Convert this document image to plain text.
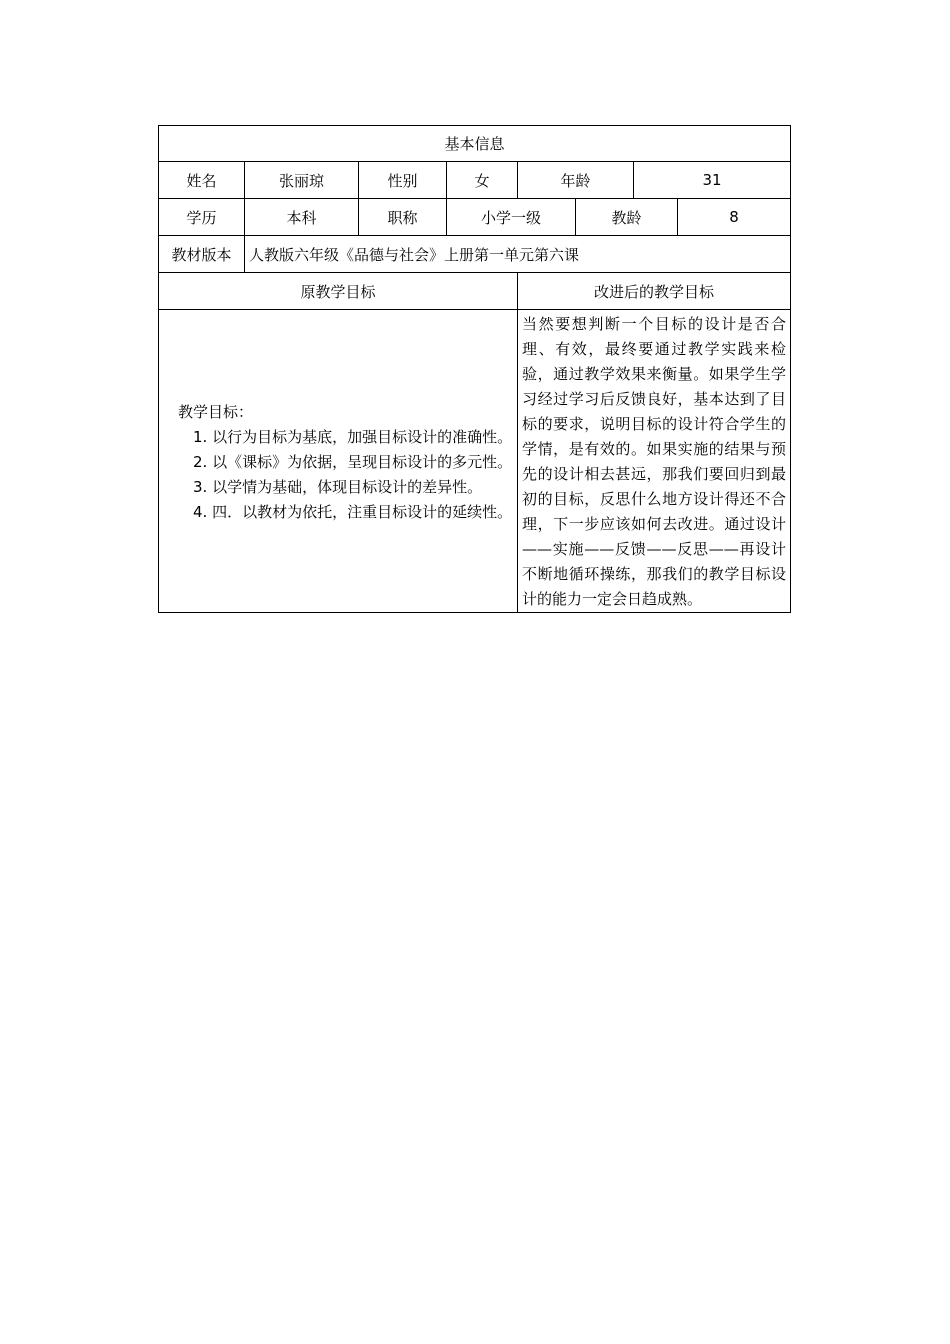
基本信息							
姓名	张丽琼	性别	女	年龄		31	
学历	本科	职称	小学一级		教龄		8
教材版本	人教版六年级《品德与社会》上册第一单元第六课						
原教学目标				改进后的教学目标			

教学目标：

1. 以行为目标为基底，加强目标设计的准确性。

2. 以《课标》为依据，呈现目标设计的多元性。

3. 以学情为基础，体现目标设计的差异性。

4. 四．以教材为依托，注重目标设计的延续性。				当然要想判断一个目标的设计是否合理、有效，最终要通过教学实践来检验，通过教学效果来衡量。如果学生学习经过学习后反馈良好，基本达到了目标的要求，说明目标的设计符合学生的学情，是有效的。如果实施的结果与预先的设计相去甚远，那我们要回归到最初的目标，反思什么地方设计得还不合理，下一步应该如何去改进。通过设计——实施——反馈——反思——再设计不断地循环操练，那我们的教学目标设计的能力一定会日趋成熟。			
